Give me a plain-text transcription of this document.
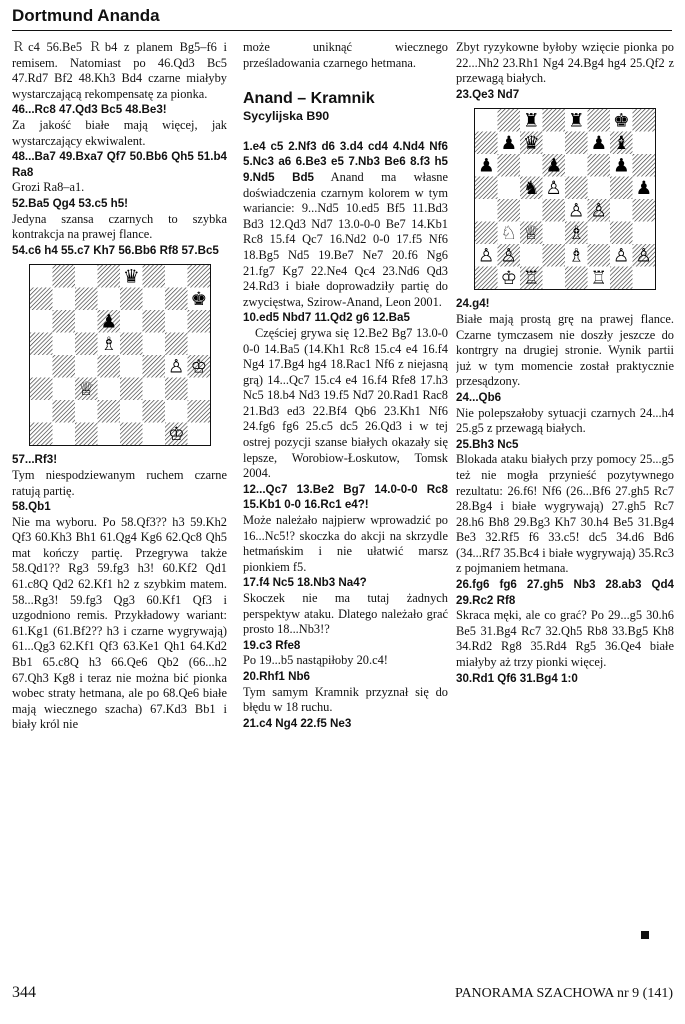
Dortmund Ananda

Ｒc4 56.Bе5 Ｒb4 z planem Bg5–f6 i remisem. Natomiast po 46.Qd3 Bc5 47.Rd7 Bf2 48.Kh3 Bd4 czarne miałyby wystarczającą rekompensatę za pionka.

46...Rc8 47.Qd3 Bc5 48.Be3!

Za jakość białe mają więcej, jak wystarczający ekwiwalent.

48...Ba7 49.Bxa7 Qf7 50.Bb6 Qh5 51.b4 Ra8

Grozi Ra8–a1.

52.Ba5 Qg4 53.c5 h5!

Jedyna szansa czarnych to szybka kontrakcja na prawej flance.

54.c6 h4 55.c7 Kh7 56.Bb6 Rf8 57.Bc5

♛
♚
♟
♗
♙ ♔
♕
♔

57...Rf3!

Tym niespodziewanym ruchem czarne ratują partię.

58.Qb1

Nie ma wyboru. Po 58.Qf3?? h3 59.Kh2 Qf3 60.Kh3 Bh1 61.Qg4 Kg6 62.Qc8 Qh5 mat kończy partię. Przegrywa także 58.Qd1?? Rg3 59.fg3 h3! 60.Kf2 Qd1 61.c8Q Qd2 62.Kf1 h2 z szybkim matem. 58...Rg3! 59.fg3 Qg3 60.Kf1 Qf3 i uzgodniono remis. Przykładowy wariant: 61.Kg1 (61.Bf2?? h3 i czarne wygrywają) 61...Qg3 62.Kf1 Qf3 63.Ke1 Qh1 64.Kd2 Bb1 65.c8Q h3 66.Qe6 Qb2 (66...h2 67.Qh3 Kg8 i teraz nie można bić pionka wobec straty hetmana, ale po 68.Qe6 białe mają wiecznego szacha) 67.Kd3 Bb1 i biały król nie

może uniknąć wiecznego prześladowania czarnego hetmana.

Anand – Kramnik
Sycylijska B90

1.e4 c5 2.Nf3 d6 3.d4 cd4 4.Nd4 Nf6 5.Nc3 a6 6.Be3 e5 7.Nb3 Be6 8.f3 h5 9.Nd5 Bd5 Anand ma własne doświadczenia czarnym kolorem w tym wariancie: 9...Nd5 10.ed5 Bf5 11.Bd3 Bd3 12.Qd3 Nd7 13.0-0-0 Be7 14.Kb1 Rc8 15.f4 Qc7 16.Nd2 0-0 17.f5 Nf6 18.Bg5 Nd5 19.Be7 Ne7 20.f6 Ng6 21.fg7 Kg7 22.Ne4 Qc4 23.Nd6 Qd3 24.Rd3 i białe doprowadziły partię do zwycięstwa, Szirow-Anand, Leon 2001.

10.ed5 Nbd7 11.Qd2 g6 12.Ba5

Częściej grywa się 12.Be2 Bg7 13.0-0 0-0 14.Ba5 (14.Kh1 Rc8 15.c4 e4 16.f4 Ng4 17.Bg4 hg4 18.Rac1 Nf6 z niejasną grą) 14...Qc7 15.c4 e4 16.f4 Rfe8 17.h3 Nc5 18.b4 Nd3 19.f5 Nd7 20.Rad1 Rac8 21.Bd3 ed3 22.Bf4 Qb6 23.Kh1 Nf6 24.fg6 fg6 25.c5 dc5 26.Qd3 i w tej ostrej pozycji szanse białych okazały się lepsze, Worobiow-Łoskutow, Tomsk 2004.

12...Qc7 13.Be2 Bg7 14.0-0-0 Rc8 15.Kb1 0-0 16.Rc1 e4?!

Może należało najpierw wprowadzić po 16...Nc5!? skoczka do akcji na skrzydle hetmańskim i nie ułatwić marsz pionkiem f5.

17.f4 Nc5 18.Nb3 Na4?

Skoczek nie ma tutaj żadnych perspektyw ataku. Dlatego należało grać prosto 18...Nb3!?

19.c3 Rfe8

Po 19...b5 nastąpiłoby 20.c4!

20.Rhf1 Nb6

Tym samym Kramnik przyznał się do błędu w 18 ruchu.

21.c4 Ng4 22.f5 Ne3

Zbyt ryzykowne byłoby wzięcie pionka po 22...Nh2 23.Rh1 Ng4 24.Bg4 hg4 25.Qf2 z przewagą białych.

23.Qe3 Nd7

♜ ♜ ♚
♟ ♛	♟ ♝
♟	♟	♟
♞ ♙	♟
♙ ♙
♘ ♕ ♗
♙ ♙	♗ ♙ ♙
♔ ♖	♖

24.g4!

Białe mają prostą grę na prawej flance. Czarne tymczasem nie doszły jeszcze do kontrgry na drugiej stronie. Wynik partii już w tym momencie został praktycznie przesądzony.

24...Qb6

Nie polepszałoby sytuacji czarnych 24...h4 25.g5 z przewagą białych.

25.Bh3 Nc5

Blokada ataku białych przy pomocy 25...g5 też nie mogła przynieść pozytywnego rezultatu: 26.f6! Nf6 (26...Bf6 27.gh5 Rc7 28.Bg4 i białe wygrywają) 27.gh5 Rc7 28.h6 Bh8 29.Bg3 Kh7 30.h4 Be5 31.Bg4 Be3 32.Rf5 f6 33.c5! dc5 34.d6 Bd6 (34...Rf7 35.Bc4 i białe wygrywają) 35.Rc3 z pojmaniem hetmana.

26.fg6 fg6 27.gh5 Nb3 28.ab3 Qd4 29.Rc2 Rf8

Skraca męki, ale co grać? Po 29...g5 30.h6 Be5 31.Bg4 Rc7 32.Qh5 Rb8 33.Bg5 Kh8 34.Rd2 Rg8 35.Rd4 Rg5 36.Qe4 białe miałyby aż trzy pionki więcej.

30.Rd1 Qf6 31.Bg4 1:0

344	PANORAMA SZACHOWA nr 9 (141)
